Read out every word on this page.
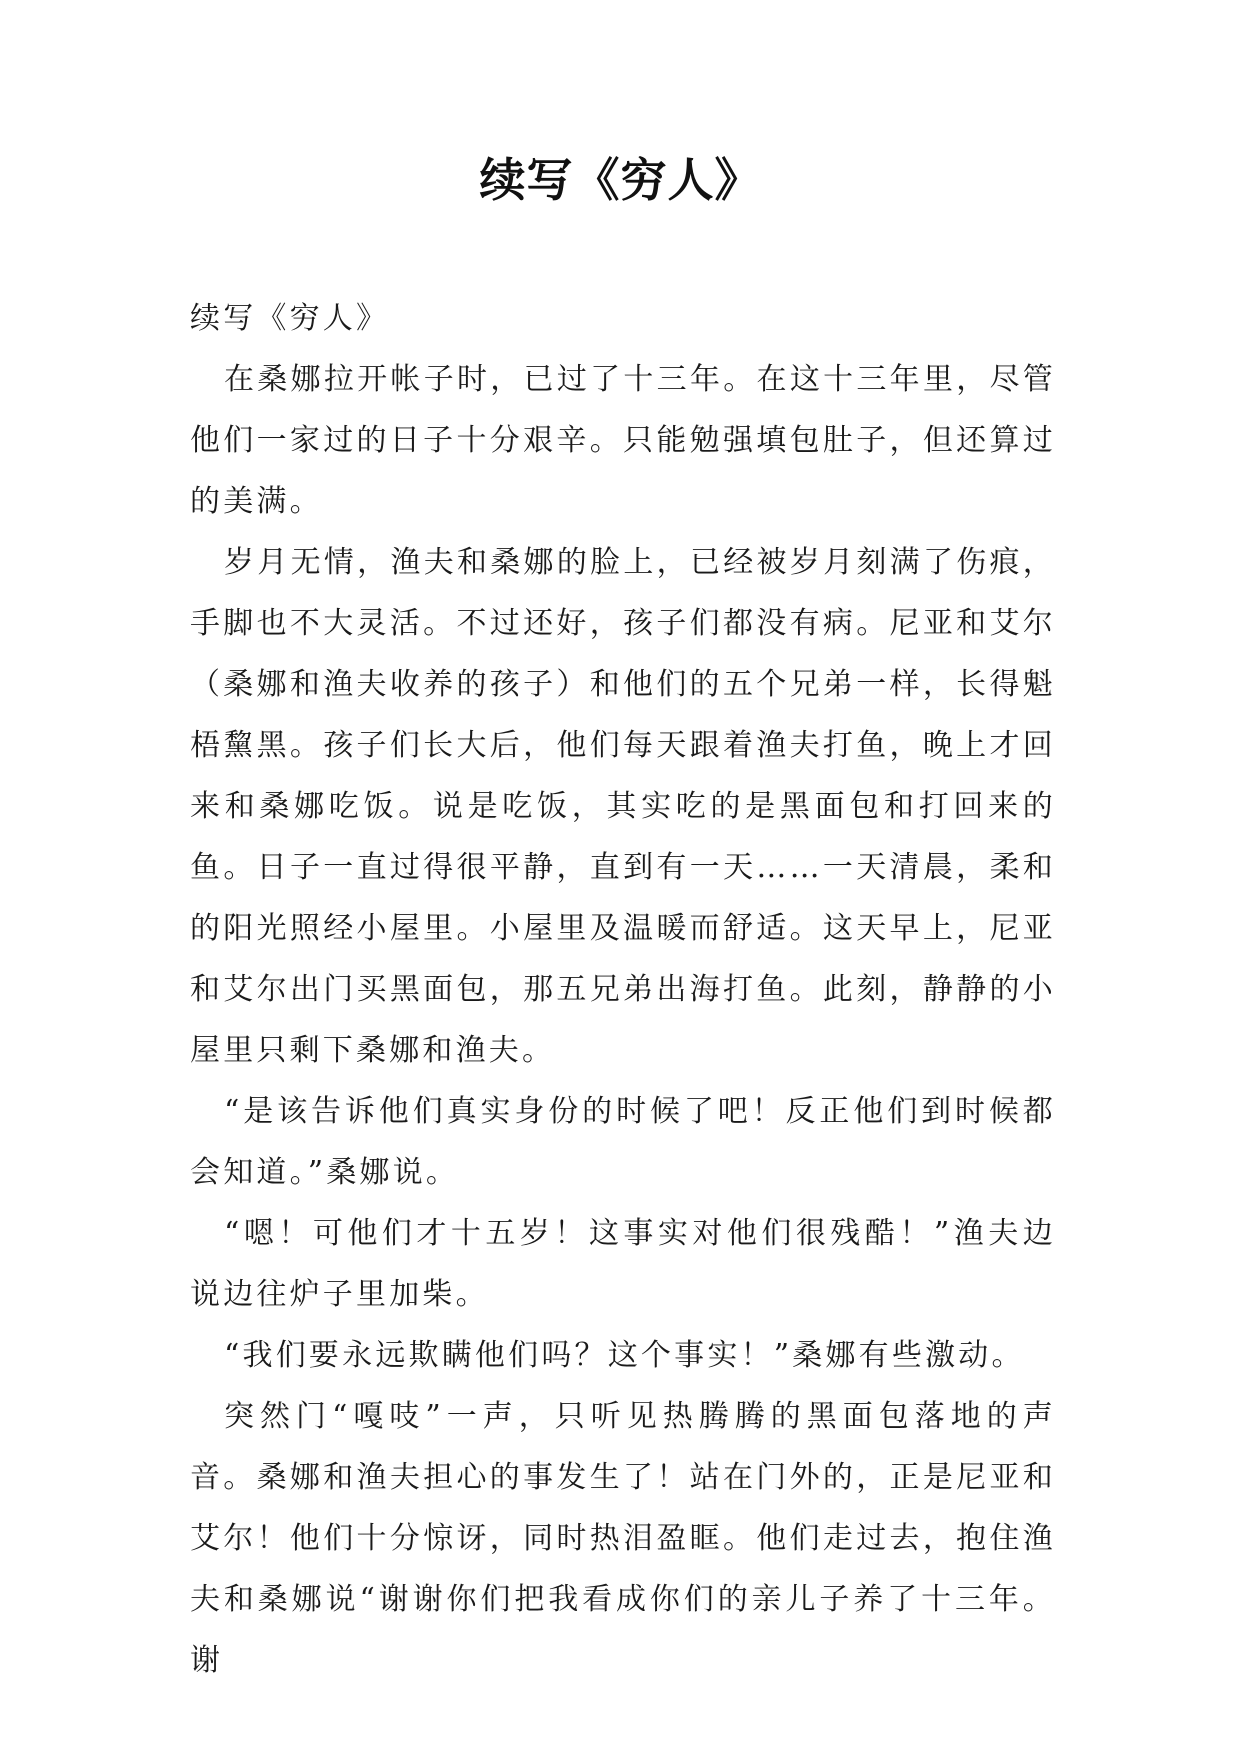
续写《穷人》

续写《穷人》

在桑娜拉开帐子时，已过了十三年。在这十三年里，尽管他们一家过的日子十分艰辛。只能勉强填包肚子，但还算过的美满。

岁月无情，渔夫和桑娜的脸上，已经被岁月刻满了伤痕，手脚也不大灵活。不过还好，孩子们都没有病。尼亚和艾尔（桑娜和渔夫收养的孩子）和他们的五个兄弟一样，长得魁梧黧黑。孩子们长大后，他们每天跟着渔夫打鱼，晚上才回来和桑娜吃饭。说是吃饭，其实吃的是黑面包和打回来的鱼。日子一直过得很平静，直到有一天……一天清晨，柔和的阳光照经小屋里。小屋里及温暖而舒适。这天早上，尼亚和艾尔出门买黑面包，那五兄弟出海打鱼。此刻，静静的小屋里只剩下桑娜和渔夫。

“是该告诉他们真实身份的时候了吧！反正他们到时候都会知道。”桑娜说。

“嗯！可他们才十五岁！这事实对他们很残酷！”渔夫边说边往炉子里加柴。

“我们要永远欺瞒他们吗？这个事实！”桑娜有些激动。

突然门“嘎吱”一声，只听见热腾腾的黑面包落地的声音。桑娜和渔夫担心的事发生了！站在门外的，正是尼亚和艾尔！他们十分惊讶，同时热泪盈眶。他们走过去，抱住渔夫和桑娜说“谢谢你们把我看成你们的亲儿子养了十三年。谢
